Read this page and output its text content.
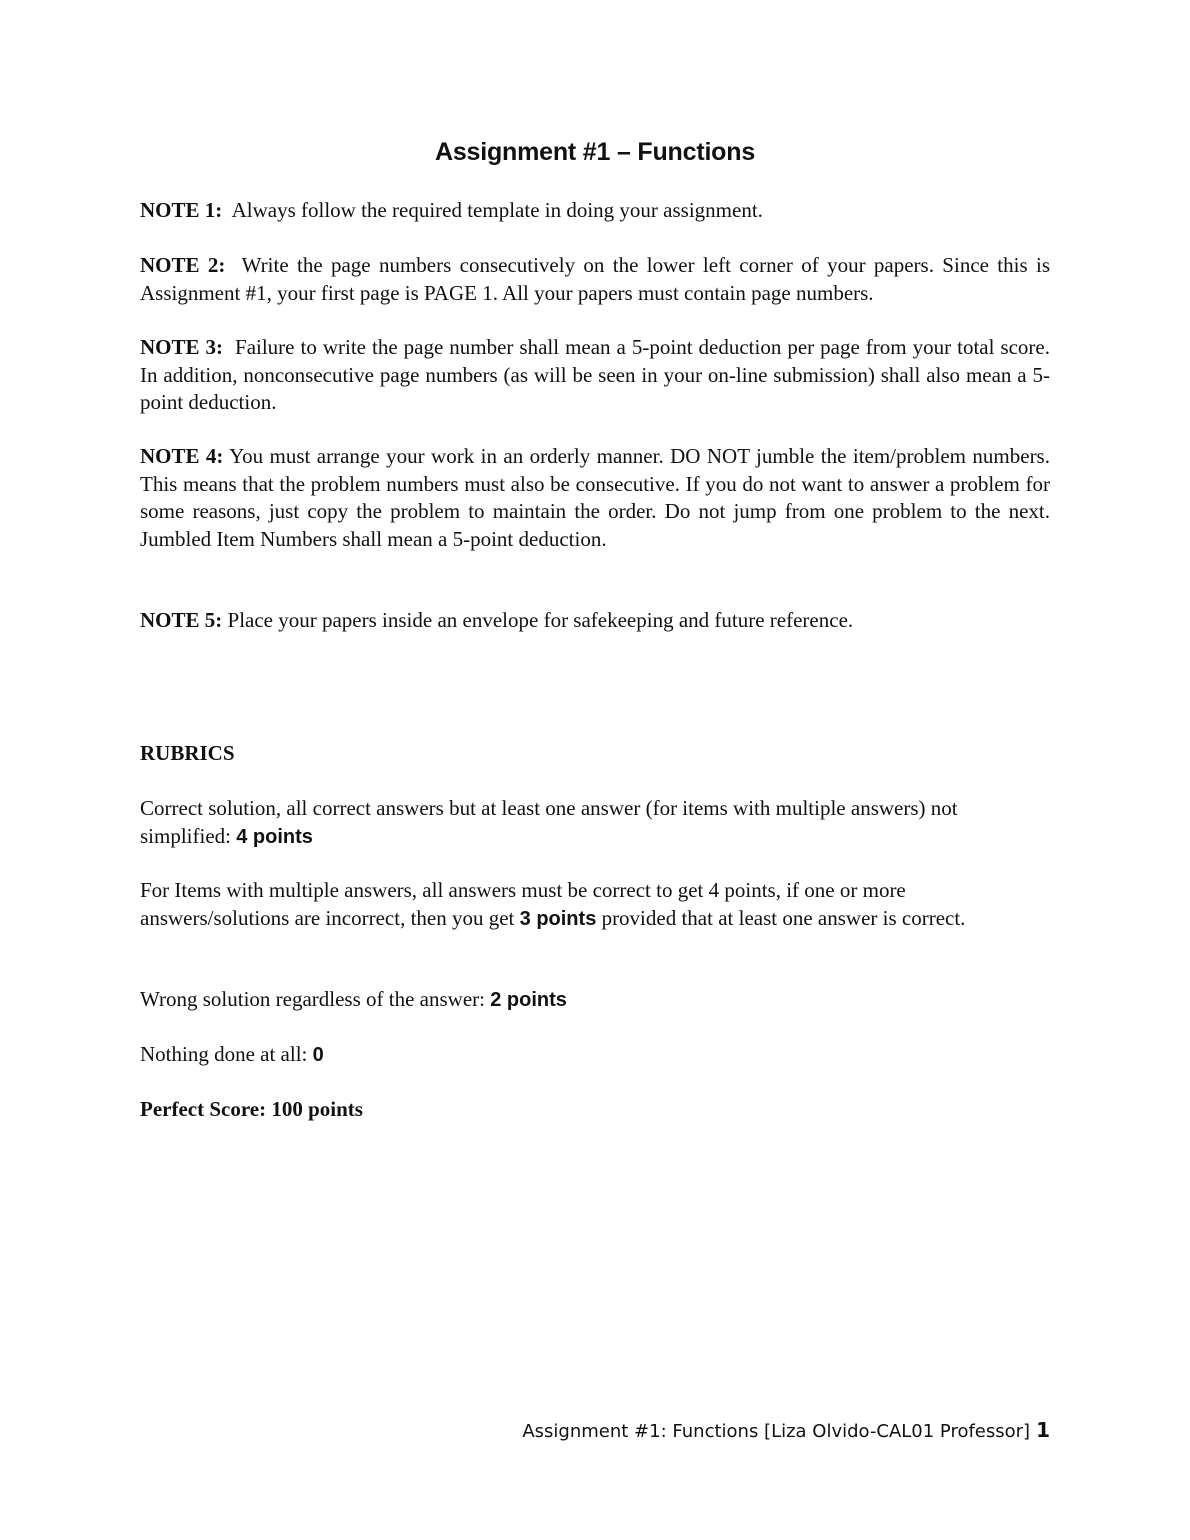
Assignment #1 – Functions

NOTE 1: Always follow the required template in doing your assignment.

NOTE 2: Write the page numbers consecutively on the lower left corner of your papers. Since this is Assignment #1, your first page is PAGE 1. All your papers must contain page numbers.

NOTE 3: Failure to write the page number shall mean a 5-point deduction per page from your total score. In addition, nonconsecutive page numbers (as will be seen in your on-line submission) shall also mean a 5-point deduction.

NOTE 4: You must arrange your work in an orderly manner. DO NOT jumble the item/problem numbers. This means that the problem numbers must also be consecutive. If you do not want to answer a problem for some reasons, just copy the problem to maintain the order. Do not jump from one problem to the next. Jumbled Item Numbers shall mean a 5-point deduction.

NOTE 5: Place your papers inside an envelope for safekeeping and future reference.

RUBRICS

Correct solution, all correct answers but at least one answer (for items with multiple answers) not simplified: 4 points

For Items with multiple answers, all answers must be correct to get 4 points, if one or more answers/solutions are incorrect, then you get 3 points provided that at least one answer is correct.

Wrong solution regardless of the answer: 2 points

Nothing done at all: 0

Perfect Score: 100 points

Assignment #1: Functions [Liza Olvido-CAL01 Professor] 1
